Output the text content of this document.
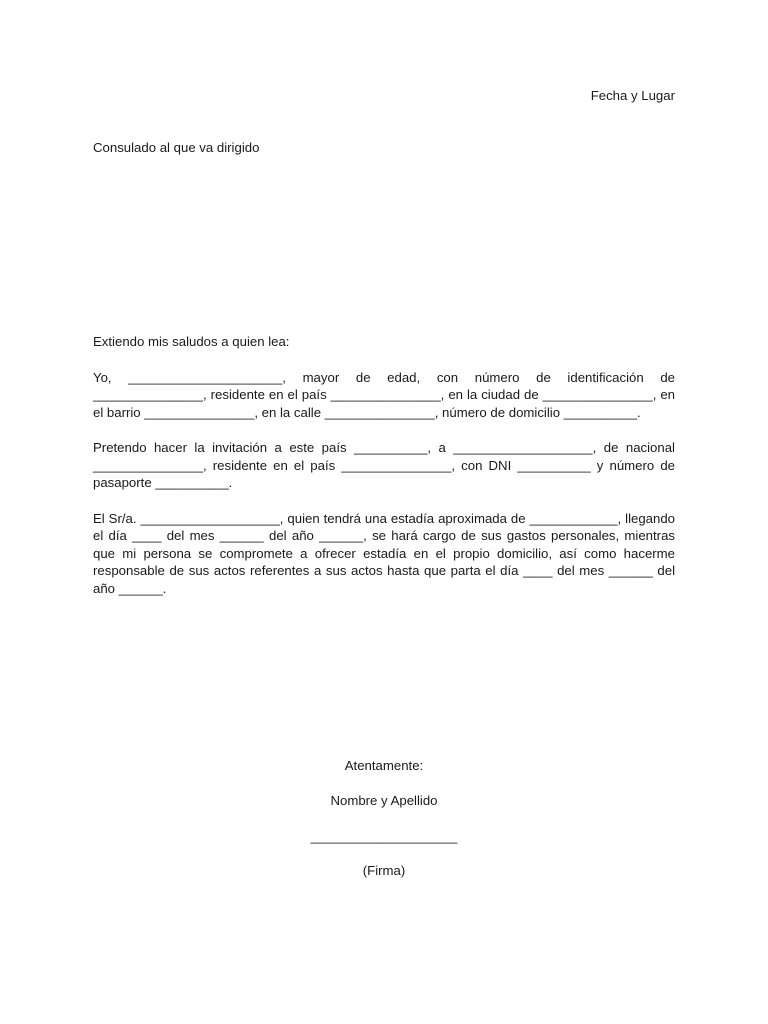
Fecha y Lugar
Consulado al que va dirigido

Extiendo mis saludos a quien lea:

Yo, _____________________, mayor de edad, con número de identificación de _______________, residente en el país _______________, en la ciudad de _______________, en el barrio _______________, en la calle _______________, número de domicilio __________.

Pretendo hacer la invitación a este país __________, a ___________________, de nacional _______________, residente en el país _______________, con DNI __________ y número de pasaporte __________.

El Sr/a. ___________________, quien tendrá una estadía aproximada de ____________, llegando el día ____ del mes ______ del año ______, se hará cargo de sus gastos personales, mientras que mi persona se compromete a ofrecer estadía en el propio domicilio, así como hacerme responsable de sus actos referentes a sus actos hasta que parta el día ____ del mes ______ del año ______.

Atentamente:
Nombre y Apellido
____________________
(Firma)
